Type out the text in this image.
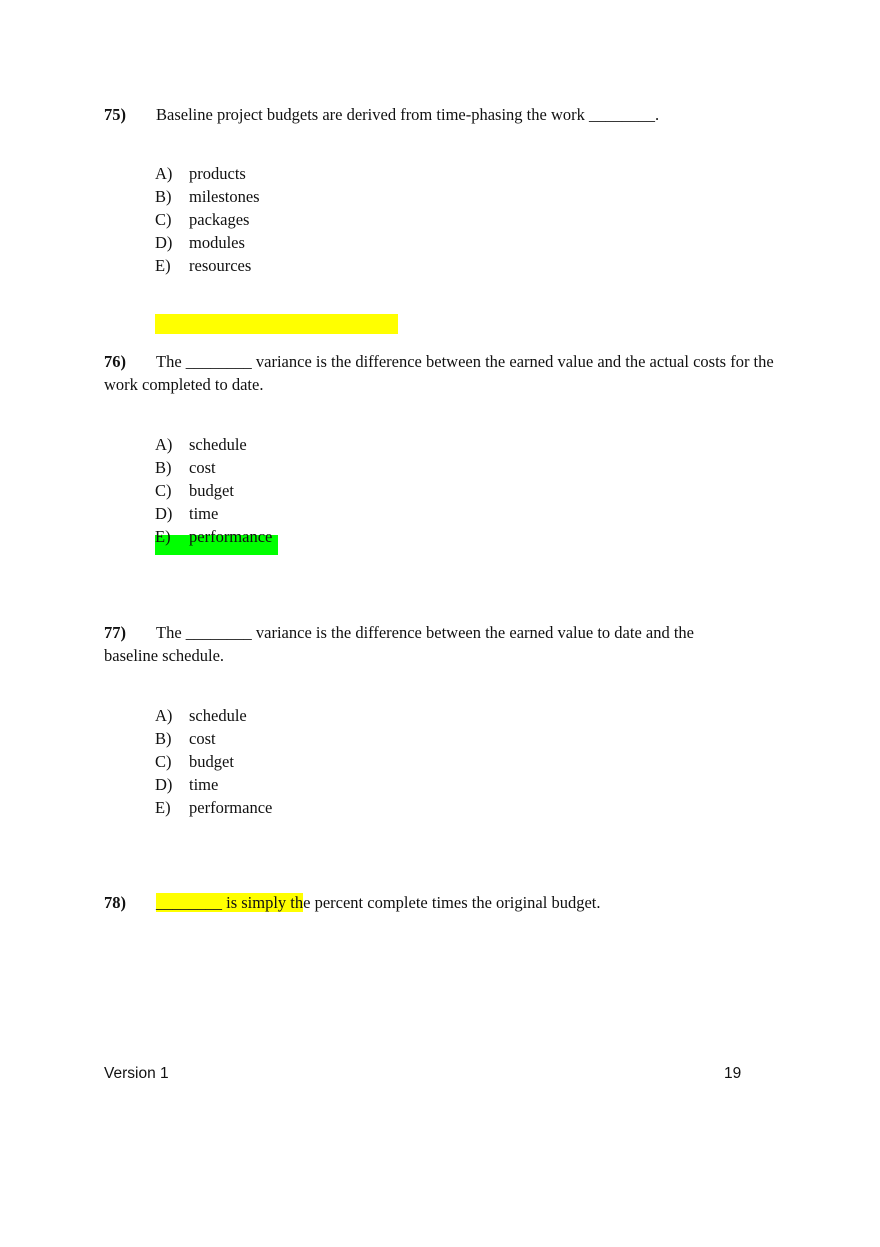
75)	Baseline project budgets are derived from time-phasing the work ________.
A) products
B) milestones
C) packages
D) modules
E) resources
76)	The ________ variance is the difference between the earned value and the actual costs for the work completed to date.
A) schedule
B) cost
C) budget
D) time
E) performance
77)	The ________ variance is the difference between the earned value to date and the baseline schedule.
A) schedule
B) cost
C) budget
D) time
E) performance
78)	________ is simply the percent complete times the original budget.
Version 1	19
